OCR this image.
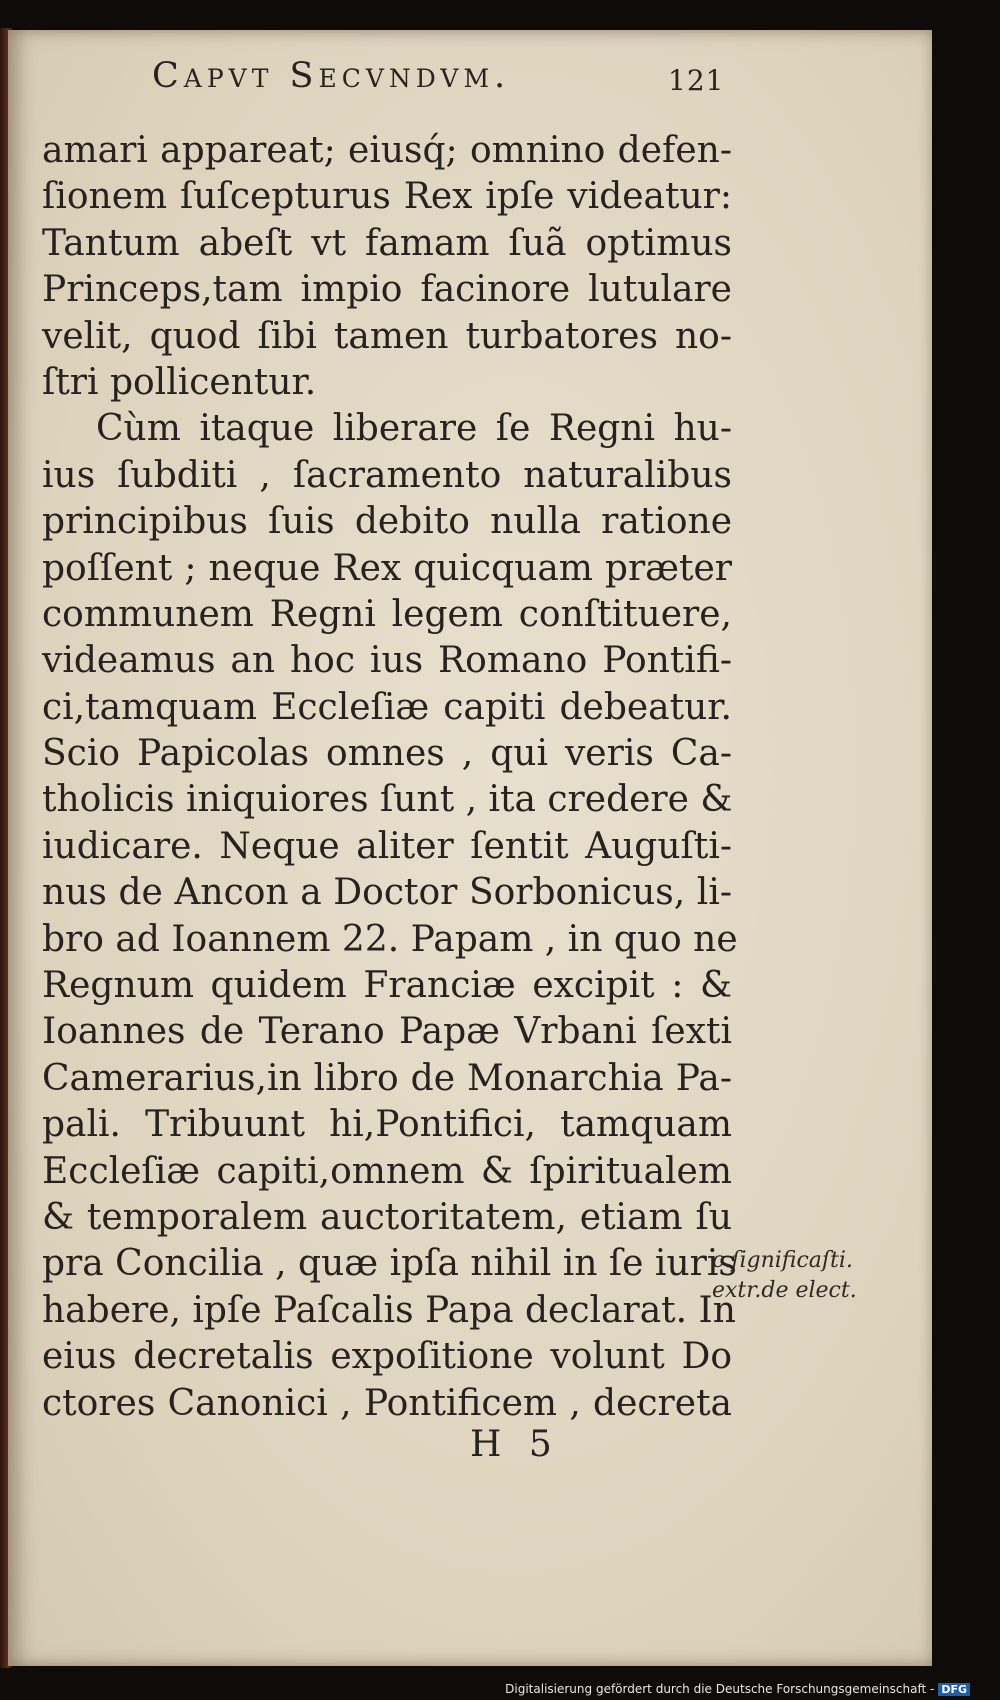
Capvt Secvndvm.	121
amari appareat; eiusq́; omnino defen-
ſionem ſuſcepturus Rex ipſe videatur:
Tantum abeſt vt famam ſuã optimus
Princeps,tam impio facinore lutulare
velit, quod ſibi tamen turbatores no-
ſtri pollicentur.
Cùm itaque liberare ſe Regni hu-
ius ſubditi , ſacramento naturalibus
principibus ſuis debito nulla ratione
poſſent ; neque Rex quicquam præter
communem Regni legem conſtituere,
videamus an hoc ius Romano Pontifi-
ci,tamquam Eccleſiæ capiti debeatur.
Scio Papicolas omnes , qui veris Ca-
tholicis iniquiores ſunt , ita credere &
iudicare. Neque aliter ſentit Auguſti-
nus de Ancon a Doctor Sorbonicus, li-
bro ad Ioannem 22. Papam , in quo ne
Regnum quidem Franciæ excipit : &
Ioannes de Terano Papæ Vrbani ſexti
Camerarius,in libro de Monarchia Pa-
pali. Tribuunt hi,Pontifici, tamquam
Eccleſiæ capiti,omnem & ſpiritualem
& temporalem auctoritatem, etiam ſu
pra Concilia , quæ ipſa nihil in ſe iuris
habere, ipſe Paſcalis Papa declarat. In
eius decretalis expoſitione volunt Do
ctores Canonici , Pontificem , decreta
c.ſignificaſti.
extr.de elect.
H 5
Digitalisierung gefördert durch die Deutsche Forschungsgemeinschaft - DFG
